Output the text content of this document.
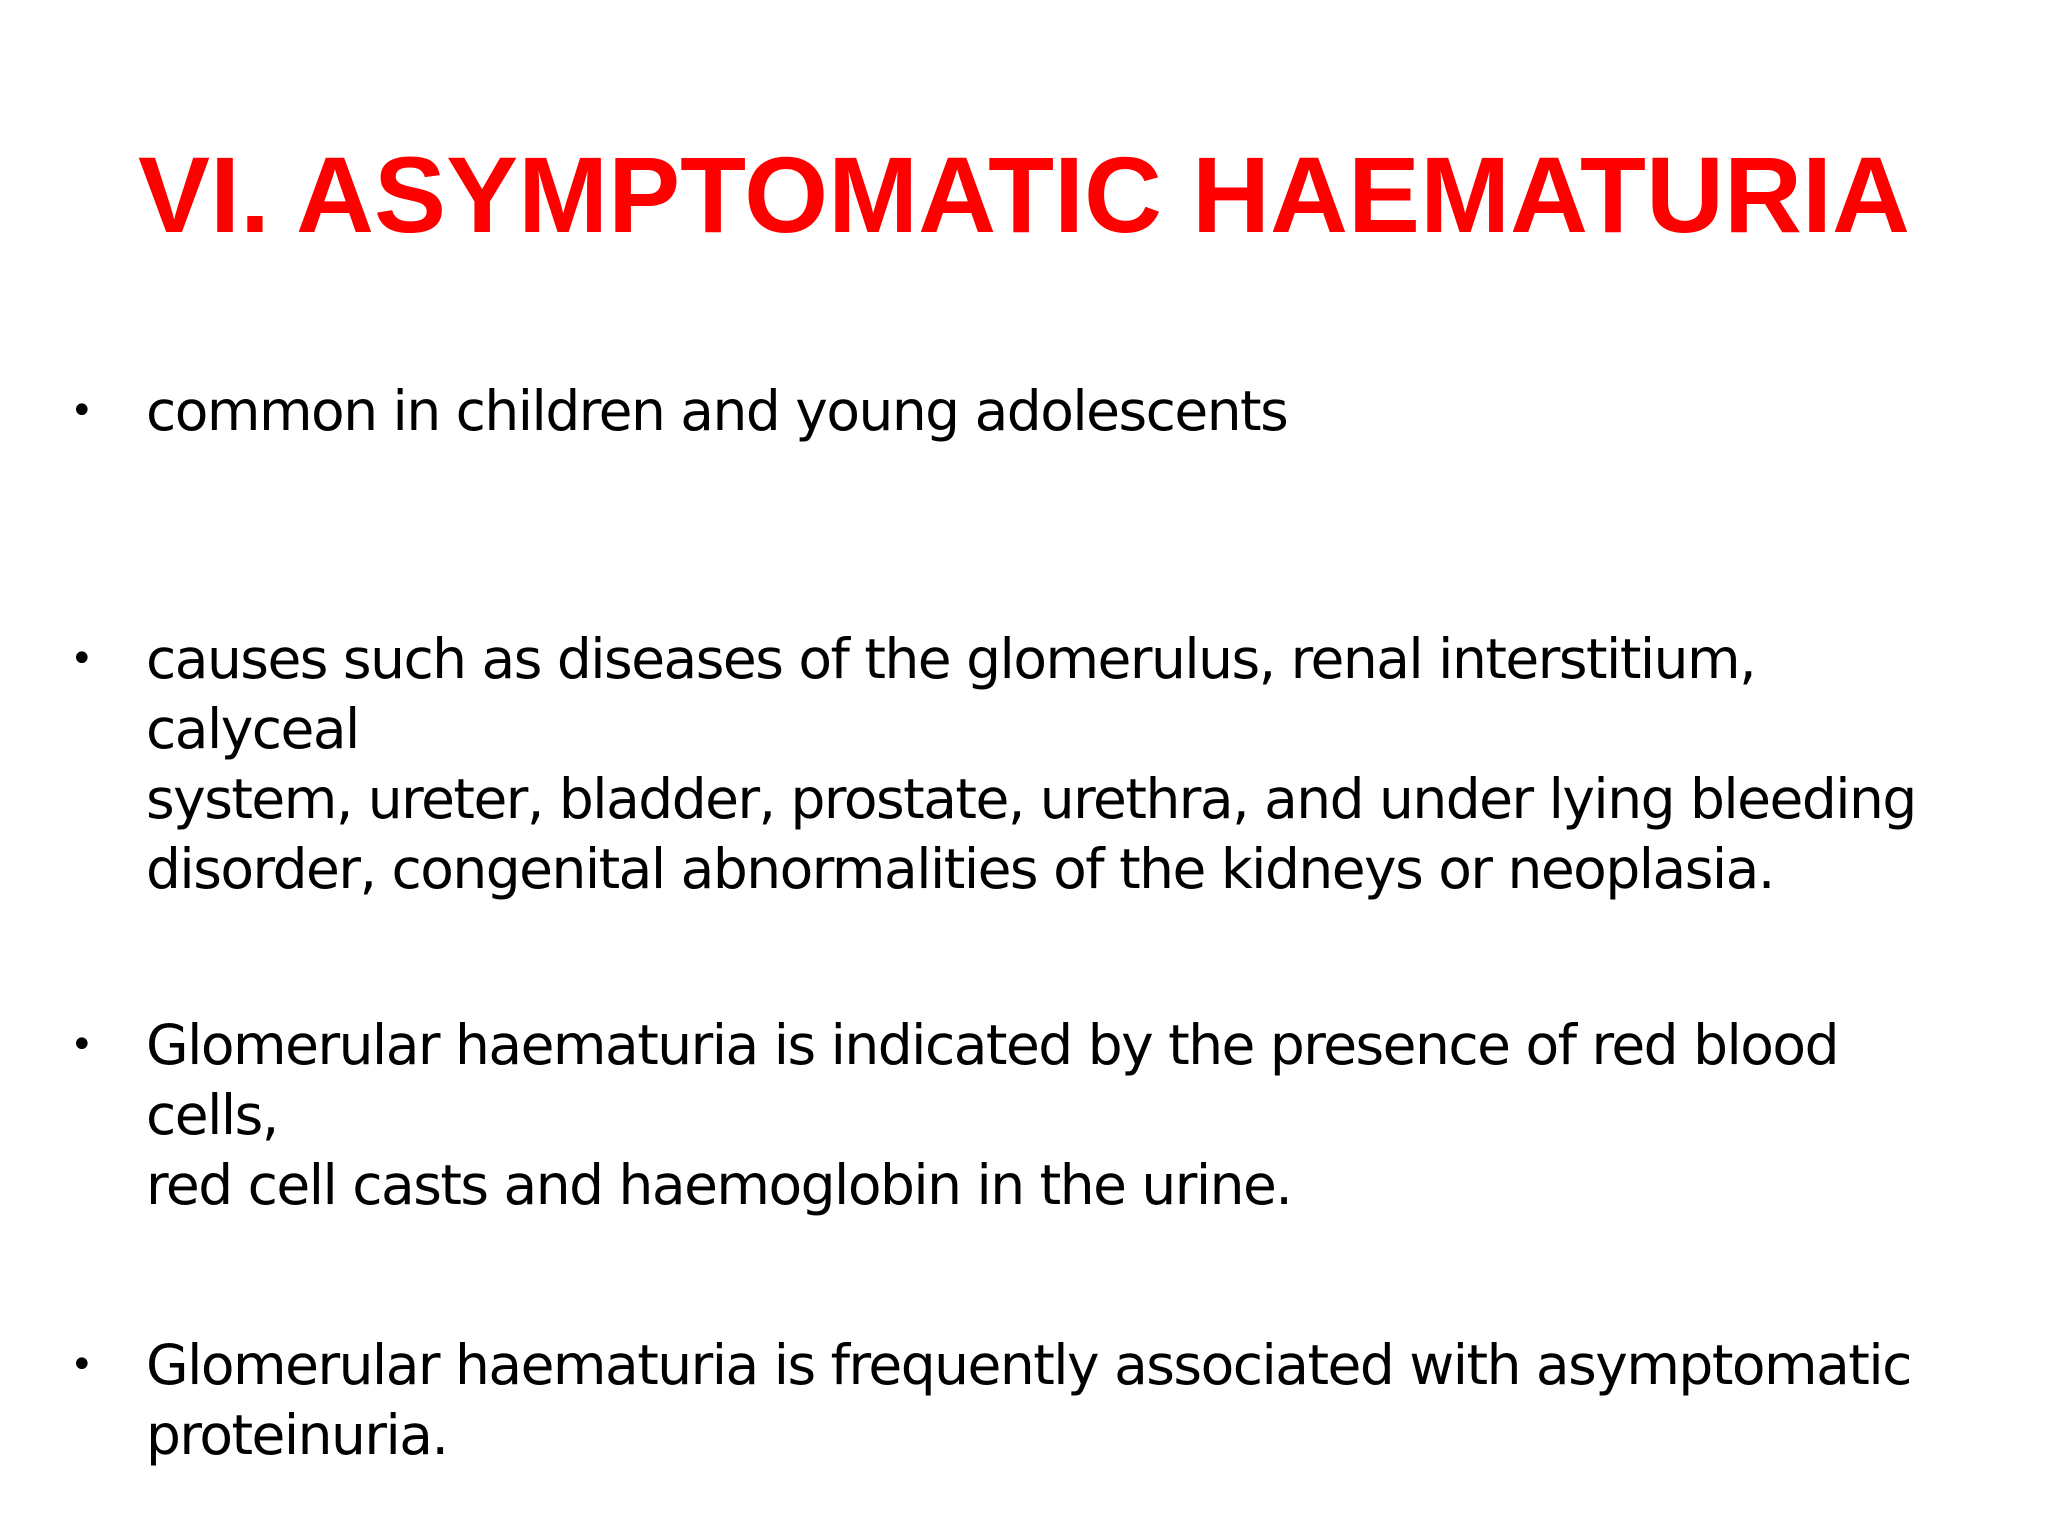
VI. ASYMPTOMATIC HAEMATURIA
• common in children and young adolescents
• causes such as diseases of the glomerulus, renal interstitium, calyceal
system, ureter, bladder, prostate, urethra, and under lying bleeding
disorder, congenital abnormalities of the kidneys or neoplasia.
• Glomerular haematuria is indicated by the presence of red blood cells,
red cell casts and haemoglobin in the urine.
• Glomerular haematuria is frequently associated with asymptomatic
proteinuria.
